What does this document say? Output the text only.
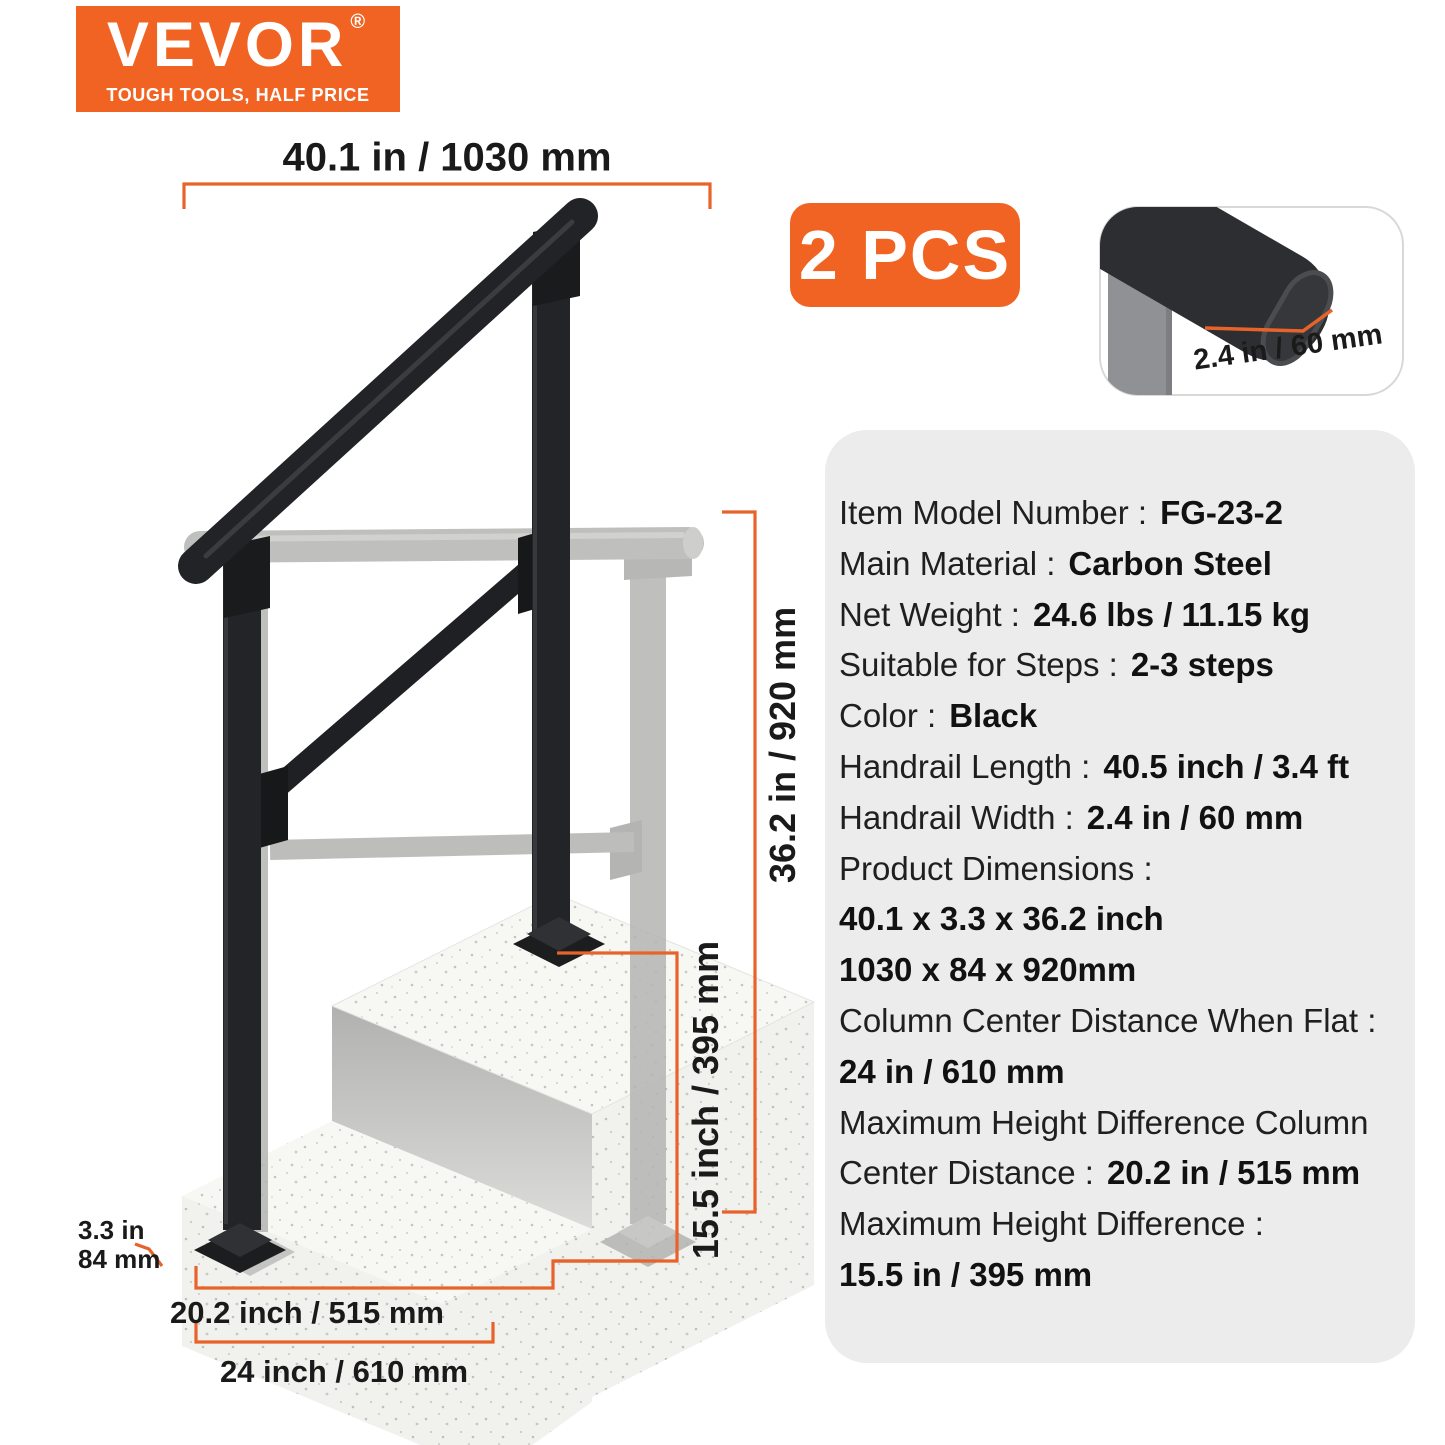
VEVOR ®
TOUGH TOOLS, HALF PRICE
40.1 in / 1030 mm
36.2 in / 920 mm
15.5 inch / 395 mm
3.3 in
84 mm
20.2 inch / 515 mm
24 inch / 610 mm
2.4 in / 60 mm
2 PCS
Item Model Number : FG-23-2
Main Material : Carbon Steel
Net Weight : 24.6 lbs / 11.15 kg
Suitable for Steps : 2-3 steps
Color : Black
Handrail Length : 40.5 inch / 3.4 ft
Handrail Width : 2.4 in / 60 mm
Product Dimensions :
40.1 x 3.3 x 36.2 inch
1030 x 84 x 920mm
Column Center Distance When Flat :
24 in / 610 mm
Maximum Height Difference Column
Center Distance : 20.2 in / 515 mm
Maximum Height Difference :
15.5 in / 395 mm
